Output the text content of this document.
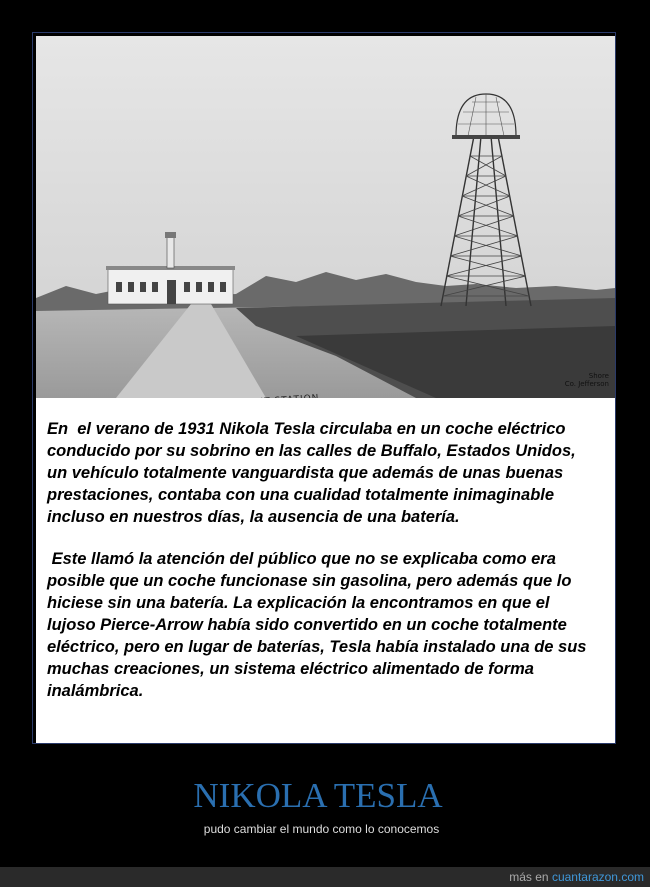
Shore
Co. Jefferson

En  el verano de 1931 Nikola Tesla circulaba en un coche eléctrico conducido por su sobrino en las calles de Buffalo, Estados Unidos, un vehículo totalmente vanguardista que además de unas buenas prestaciones, contaba con una cualidad totalmente inimaginable incluso en nuestros días, la ausencia de una batería.

Este llamó la atención del público que no se explicaba como era posible que un coche funcionase sin gasolina, pero además que lo hiciese sin una batería. La explicación la encontramos en que el lujoso Pierce-Arrow había sido convertido en un coche totalmente eléctrico, pero en lugar de baterías, Tesla había instalado una de sus muchas creaciones, un sistema eléctrico alimentado de forma inalámbrica.

NIKOLA TESLA
pudo cambiar el mundo como lo conocemos
más en cuantarazon.com
